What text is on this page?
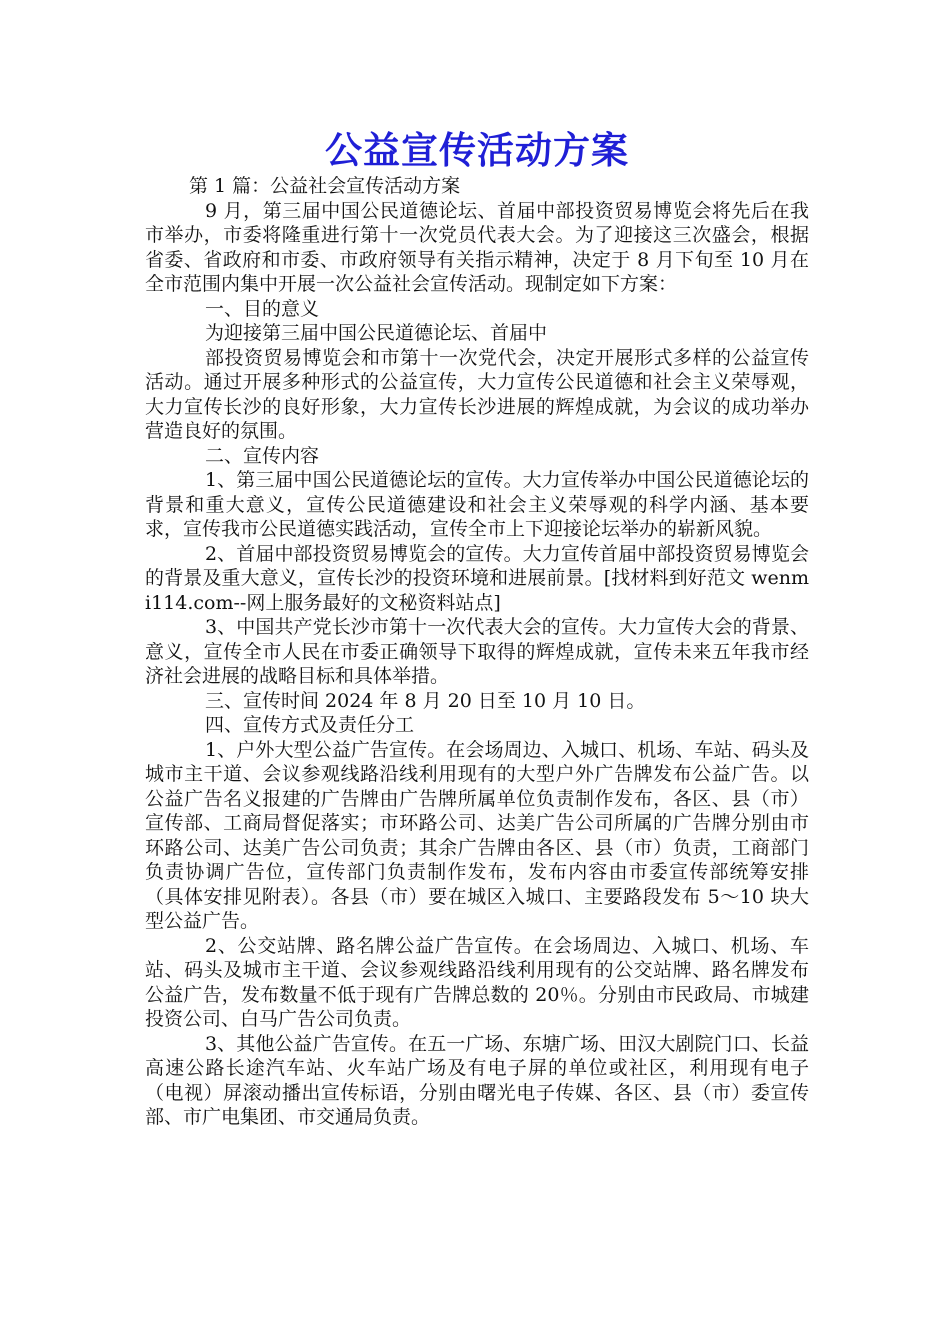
公益宣传活动方案

第 1 篇：公益社会宣传活动方案

9 月，第三届中国公民道德论坛、首届中部投资贸易博览会将先后在我市举办，市委将隆重进行第十一次党员代表大会。为了迎接这三次盛会，根据省委、省政府和市委、市政府领导有关指示精神，决定于 8 月下旬至 10 月在全市范围内集中开展一次公益社会宣传活动。现制定如下方案：

一、目的意义

为迎接第三届中国公民道德论坛、首届中

部投资贸易博览会和市第十一次党代会，决定开展形式多样的公益宣传活动。通过开展多种形式的公益宣传，大力宣传公民道德和社会主义荣辱观，大力宣传长沙的良好形象，大力宣传长沙进展的辉煌成就，为会议的成功举办营造良好的氛围。

二、宣传内容

1、第三届中国公民道德论坛的宣传。大力宣传举办中国公民道德论坛的背景和重大意义，宣传公民道德建设和社会主义荣辱观的科学内涵、基本要求，宣传我市公民道德实践活动，宣传全市上下迎接论坛举办的崭新风貌。

2、首届中部投资贸易博览会的宣传。大力宣传首届中部投资贸易博览会的背景及重大意义，宣传长沙的投资环境和进展前景。[找材料到好范文 wenmi114.com--网上服务最好的文秘资料站点]

3、中国共产党长沙市第十一次代表大会的宣传。大力宣传大会的背景、意义，宣传全市人民在市委正确领导下取得的辉煌成就，宣传未来五年我市经济社会进展的战略目标和具体举措。

三、宣传时间 2024 年 8 月 20 日至 10 月 10 日。

四、宣传方式及责任分工

1、户外大型公益广告宣传。在会场周边、入城口、机场、车站、码头及城市主干道、会议参观线路沿线利用现有的大型户外广告牌发布公益广告。以公益广告名义报建的广告牌由广告牌所属单位负责制作发布，各区、县（市）宣传部、工商局督促落实；市环路公司、达美广告公司所属的广告牌分别由市环路公司、达美广告公司负责；其余广告牌由各区、县（市）负责，工商部门负责协调广告位，宣传部门负责制作发布，发布内容由市委宣传部统筹安排（具体安排见附表）。各县（市）要在城区入城口、主要路段发布 5～10 块大型公益广告。

2、公交站牌、路名牌公益广告宣传。在会场周边、入城口、机场、车站、码头及城市主干道、会议参观线路沿线利用现有的公交站牌、路名牌发布公益广告，发布数量不低于现有广告牌总数的 20％。分别由市民政局、市城建投资公司、白马广告公司负责。

3、其他公益广告宣传。在五一广场、东塘广场、田汉大剧院门口、长益高速公路长途汽车站、火车站广场及有电子屏的单位或社区，利用现有电子（电视）屏滚动播出宣传标语，分别由曙光电子传媒、各区、县（市）委宣传部、市广电集团、市交通局负责。
